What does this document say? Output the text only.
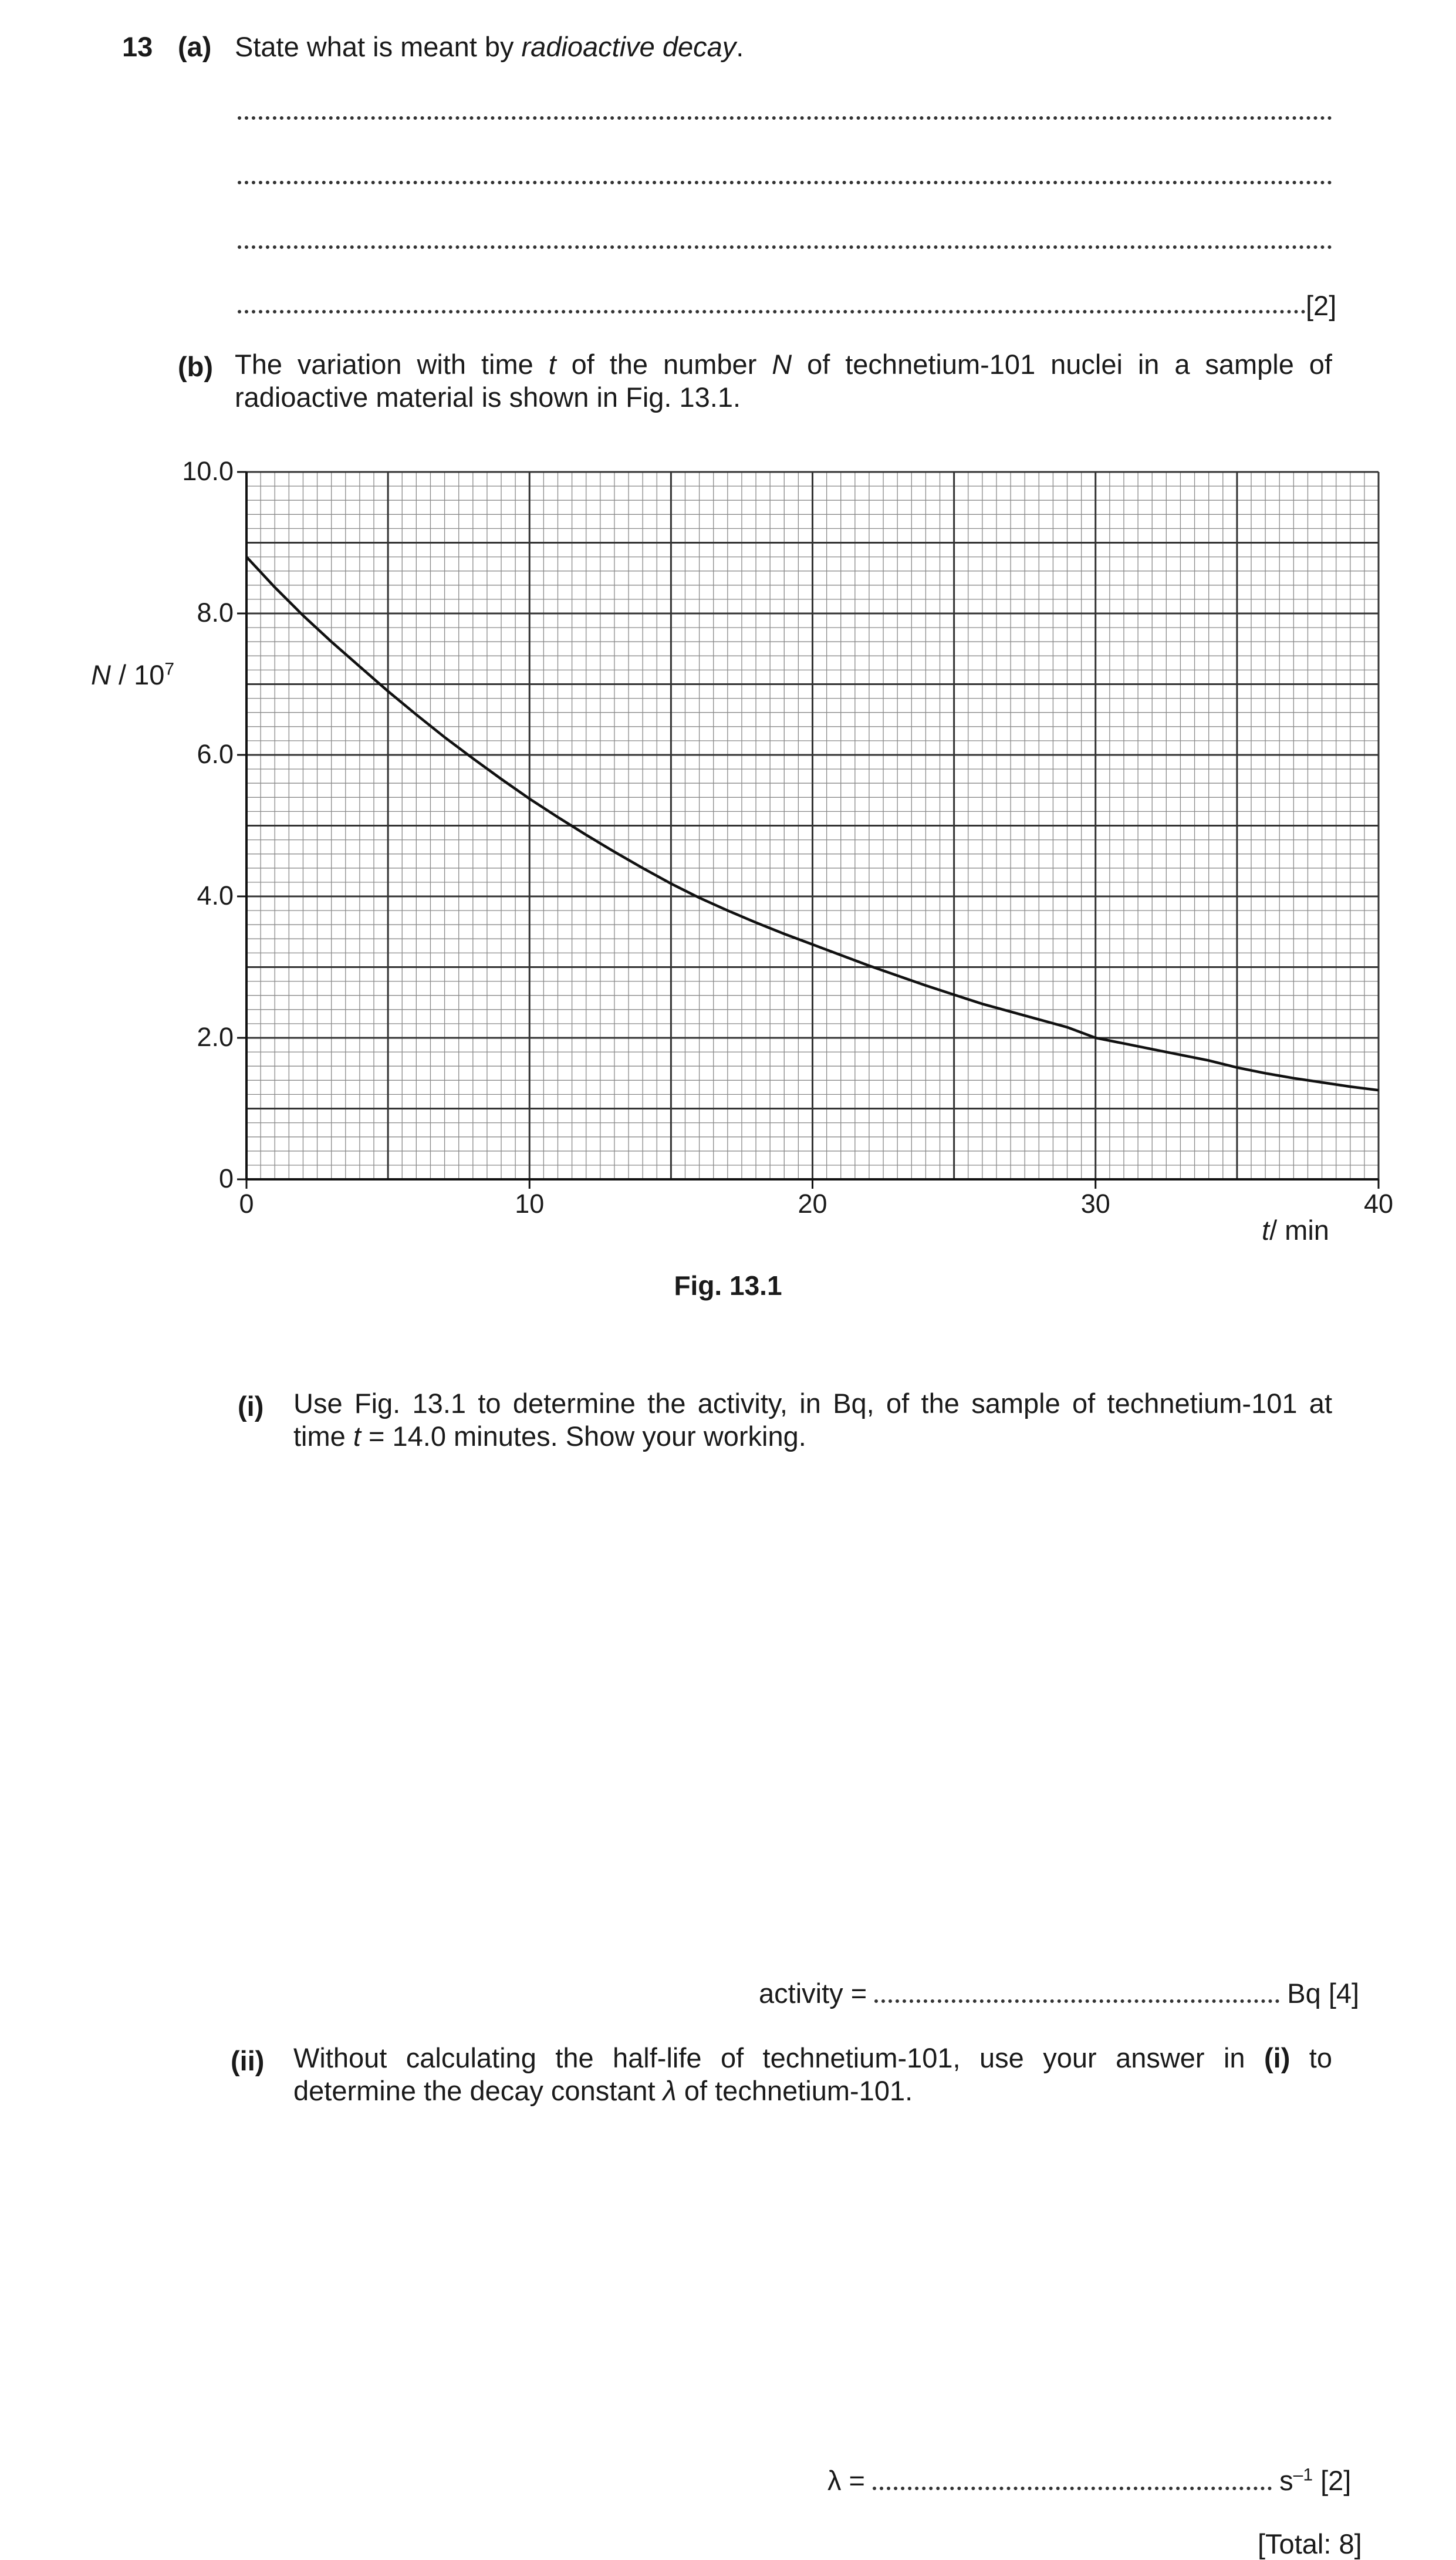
13 (a) State what is meant by radioactive decay.
[2]
(b) The variation with time t of the number N of technetium-101 nuclei in a sample of radioactive material is shown in Fig. 13.1.
0	10	20	30	40
0
2.0
4.0
6.0
8.0
10.0
N / $10^7$
t/ min
Fig. 13.1
(i) Use Fig. 13.1 to determine the activity, in Bq, of the sample of technetium-101 at time t = 14.0 minutes. Show your working.
activity =	Bq [4]
(ii) Without calculating the half-life of technetium-101, use your answer in (i) to determine the decay constant λ of technetium-101.
λ =	$s^{-1}$ [2]
[Total: 8]
